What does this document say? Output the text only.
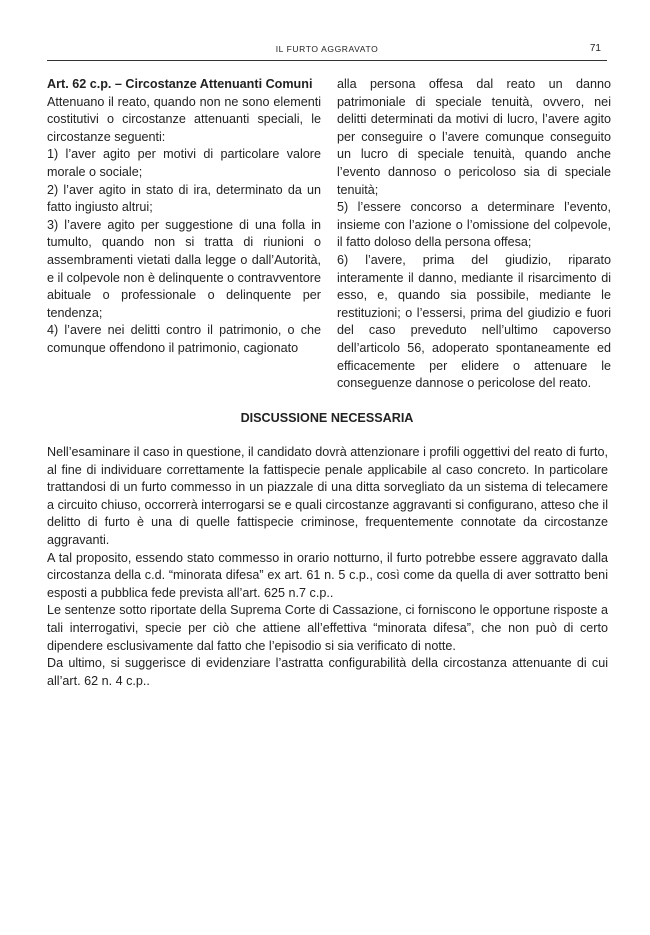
IL FURTO AGGRAVATO	71

Art. 62 c.p. – Circostanze Attenuanti Comuni

Attenuano il reato, quando non ne sono elementi costitutivi o circostanze attenuanti speciali, le circostanze seguenti:

1) l’aver agito per motivi di particolare valore morale o sociale;

2) l’aver agito in stato di ira, determinato da un fatto ingiusto altrui;

3) l’avere agito per suggestione di una folla in tumulto, quando non si tratta di riunioni o assembramenti vietati dalla legge o dall’Autorità, e il colpevole non è delinquente o contravventore abituale o professionale o delinquente per tendenza;

4) l’avere nei delitti contro il patrimonio, o che comunque offendono il patrimonio, cagionato

alla persona offesa dal reato un danno patrimoniale di speciale tenuità, ovvero, nei delitti determinati da motivi di lucro, l’avere agito per conseguire o l’avere comunque conseguito un lucro di speciale tenuità, quando anche l’evento dannoso o pericoloso sia di speciale tenuità;

5) l’essere concorso a determinare l’evento, insieme con l’azione o l’omissione del colpevole, il fatto doloso della persona offesa;

6) l’avere, prima del giudizio, riparato interamente il danno, mediante il risarcimento di esso, e, quando sia possibile, mediante le restituzioni; o l’essersi, prima del giudizio e fuori del caso preveduto nell’ultimo capoverso dell’articolo 56, adoperato spontaneamente ed efficacemente per elidere o attenuare le conseguenze dannose o pericolose del reato.

DISCUSSIONE NECESSARIA

Nell’esaminare il caso in questione, il candidato dovrà attenzionare i profili oggettivi del reato di furto, al fine di individuare correttamente la fattispecie penale applicabile al caso concreto. In particolare trattandosi di un furto commesso in un piazzale di una ditta sorvegliato da un sistema di telecamere a circuito chiuso, occorrerà interrogarsi se e quali circostanze aggravanti si configurano, atteso che il delitto di furto è una di quelle fattispecie criminose, frequentemente connotate da circostanze aggravanti.

A tal proposito, essendo stato commesso in orario notturno, il furto potrebbe essere aggravato dalla circostanza della c.d. “minorata difesa” ex art. 61 n. 5 c.p., così come da quella di aver sottratto beni esposti a pubblica fede prevista all’art. 625 n.7 c.p..

Le sentenze sotto riportate della Suprema Corte di Cassazione, ci forniscono le opportune risposte a tali interrogativi, specie per ciò che attiene all’effettiva “minorata difesa”, che non può di certo dipendere esclusivamente dal fatto che l’episodio si sia verificato di notte.

Da ultimo, si suggerisce di evidenziare l’astratta configurabilità della circostanza attenuante di cui all’art. 62 n. 4 c.p..
